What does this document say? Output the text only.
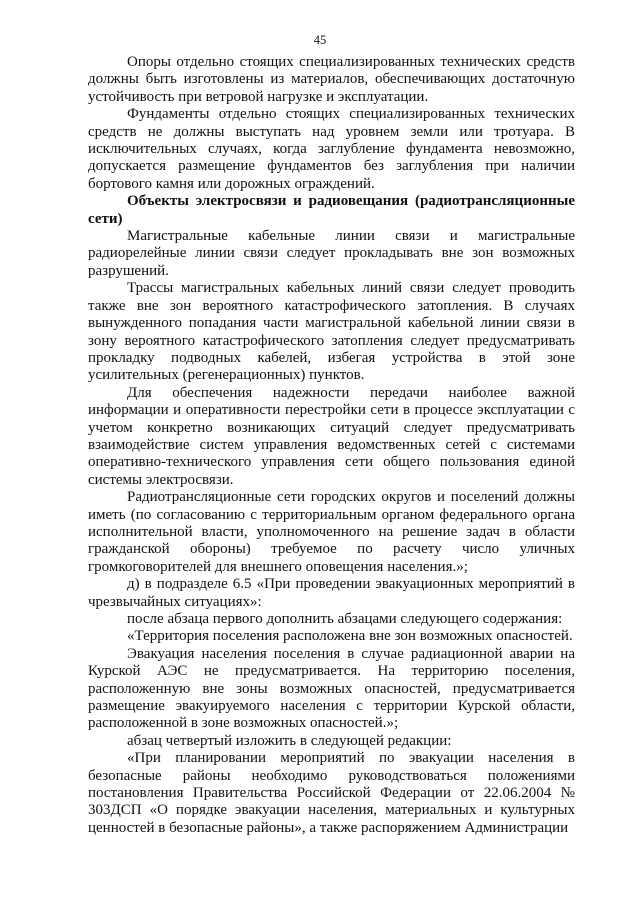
45

Опоры отдельно стоящих специализированных технических средств должны быть изготовлены из материалов, обеспечивающих достаточную устойчивость при ветровой нагрузке и эксплуатации.

Фундаменты отдельно стоящих специализированных технических средств не должны выступать над уровнем земли или тротуара. В исключительных случаях, когда заглубление фундамента невозможно, допускается размещение фундаментов без заглубления при наличии бортового камня или дорожных ограждений.

Объекты электросвязи и радиовещания (радиотрансляционные сети)

Магистральные кабельные линии связи и магистральные радиорелейные линии связи следует прокладывать вне зон возможных разрушений.

Трассы магистральных кабельных линий связи следует проводить также вне зон вероятного катастрофического затопления. В случаях вынужденного попадания части магистральной кабельной линии связи в зону вероятного катастрофического затопления следует предусматривать прокладку подводных кабелей, избегая устройства в этой зоне усилительных (регенерационных) пунктов.

Для обеспечения надежности передачи наиболее важной информации и оперативности перестройки сети в процессе эксплуатации с учетом конкретно возникающих ситуаций следует предусматривать взаимодействие систем управления ведомственных сетей с системами оперативно-технического управления сети общего пользования единой системы электросвязи.

Радиотрансляционные сети городских округов и поселений должны иметь (по согласованию с территориальным органом федерального органа исполнительной власти, уполномоченного на решение задач в области гражданской обороны) требуемое по расчету число уличных громкоговорителей для внешнего оповещения населения.»;

д) в подразделе 6.5 «При проведении эвакуационных мероприятий в чрезвычайных ситуациях»:

после абзаца первого дополнить абзацами следующего содержания:

«Территория поселения расположена вне зон возможных опасностей.

Эвакуация населения поселения в случае радиационной аварии на Курской АЭС не предусматривается. На территорию поселения, расположенную вне зоны возможных опасностей, предусматривается размещение эвакуируемого населения с территории Курской области, расположенной в зоне возможных опасностей.»;

абзац четвертый изложить в следующей редакции:

«При планировании мероприятий по эвакуации населения в безопасные районы необходимо руководствоваться положениями постановления Правительства Российской Федерации от 22.06.2004 № 303ДСП «О порядке эвакуации населения, материальных и культурных ценностей в безопасные районы», а также распоряжением Администрации
